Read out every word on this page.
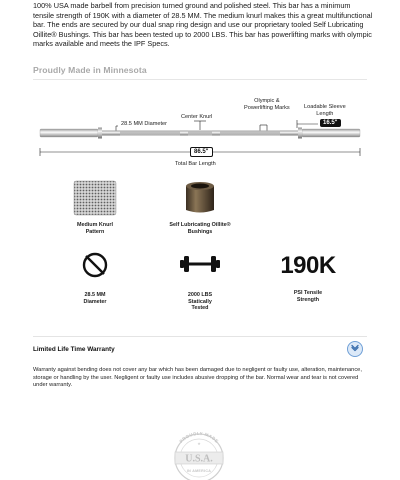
100% USA made barbell from precision turned ground and polished steel. This bar has a minimum tensile strength of 190K with a diameter of 28.5 MM. The medium knurl makes this a great multifunctional bar. The ends are secured by our dual snap ring design and use our proprietary tooled Self Lubricating Oillite® Bushings. This bar has been tested up to 2000 LBS. This bar has powerlifting marks with olympic marks available and meets the IPF Specs.

Proudly Made in Minnesota
28.5 MM Diameter
Center Knurl
Olympic &
Powerlifting Marks	Loadable Sleeve
Length
16.5"
86.5"
Total Bar Length
Medium Knurl
Pattern
Self Lubricating Oillite®
Bushings
28.5 MM
Diameter
2000 LBS
Statically
Tested
190K
PSI Tensile
Strength
Limited Life Time Warranty

Warranty against bending does not cover any bar which has been damaged due to negligent or faulty use, alteration, maintenance, storage or handling by the user. Negligent or faulty use includes abusive dropping of the bar. Normal wear and tear is not covered under warranty.

PROUDLY MADE
U.S.A.
IN AMERICA
★
